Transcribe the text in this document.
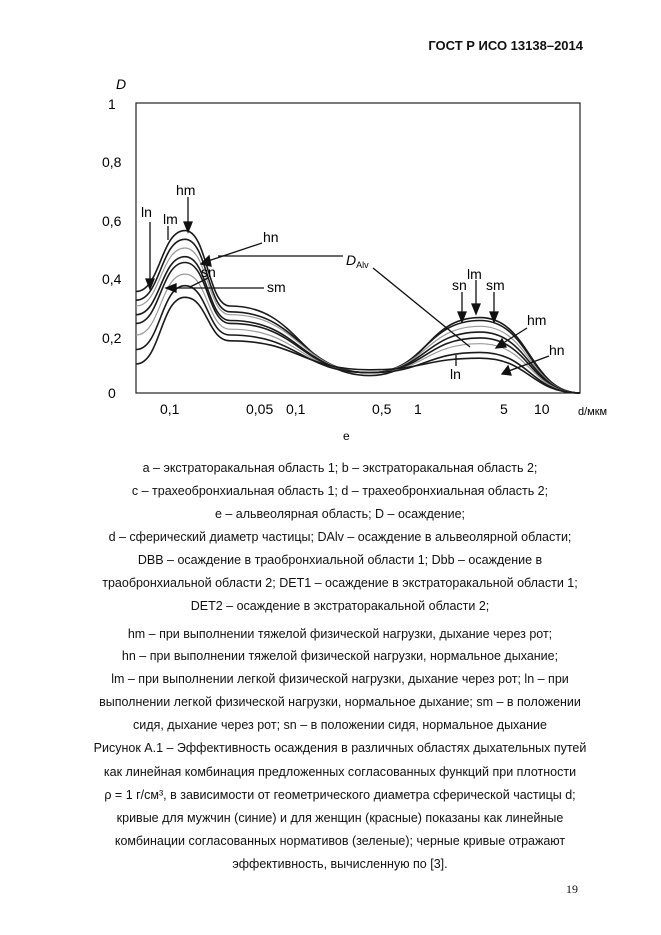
ГОСТ Р ИСО 13138–2014
D
d/мкм
e
1
0,8
0,6
0,4
0,2
0
0,1	0,05 0,1	0,5 1	5 10
hm
ln lm
hn
sn
sm
$D_{Alv}$
sn
lm
sm
hm
hn
ln
а – экстраторакальная область 1; b – экстраторакальная область 2;
c – трахеобронхиальная область 1; d – трахеобронхиальная область 2;
e – альвеолярная область; D – осаждение;
d – сферический диаметр частицы; DAlv – осаждение в альвеолярной области;
DBB – осаждение в траобронхиальной области 1; Dbb – осаждение в
траобронхиальной области 2; DET1 – осаждение в экстраторакальной области 1;
DET2 – осаждение в экстраторакальной области 2;
hm – при выполнении тяжелой физической нагрузки, дыхание через рот;
hn – при выполнении тяжелой физической нагрузки, нормальное дыхание;
lm – при выполнении легкой физической нагрузки, дыхание через рот; ln – при
выполнении легкой физической нагрузки, нормальное дыхание; sm – в положении
сидя, дыхание через рот; sn – в положении сидя, нормальное дыхание
Рисунок А.1 – Эффективность осаждения в различных областях дыхательных путей
как линейная комбинация предложенных согласованных функций при плотности
ρ = 1 г/см³, в зависимости от геометрического диаметра сферической частицы d;
кривые для мужчин (синие) и для женщин (красные) показаны как линейные
комбинации согласованных нормативов (зеленые); черные кривые отражают
эффективность, вычисленную по [3].
19
